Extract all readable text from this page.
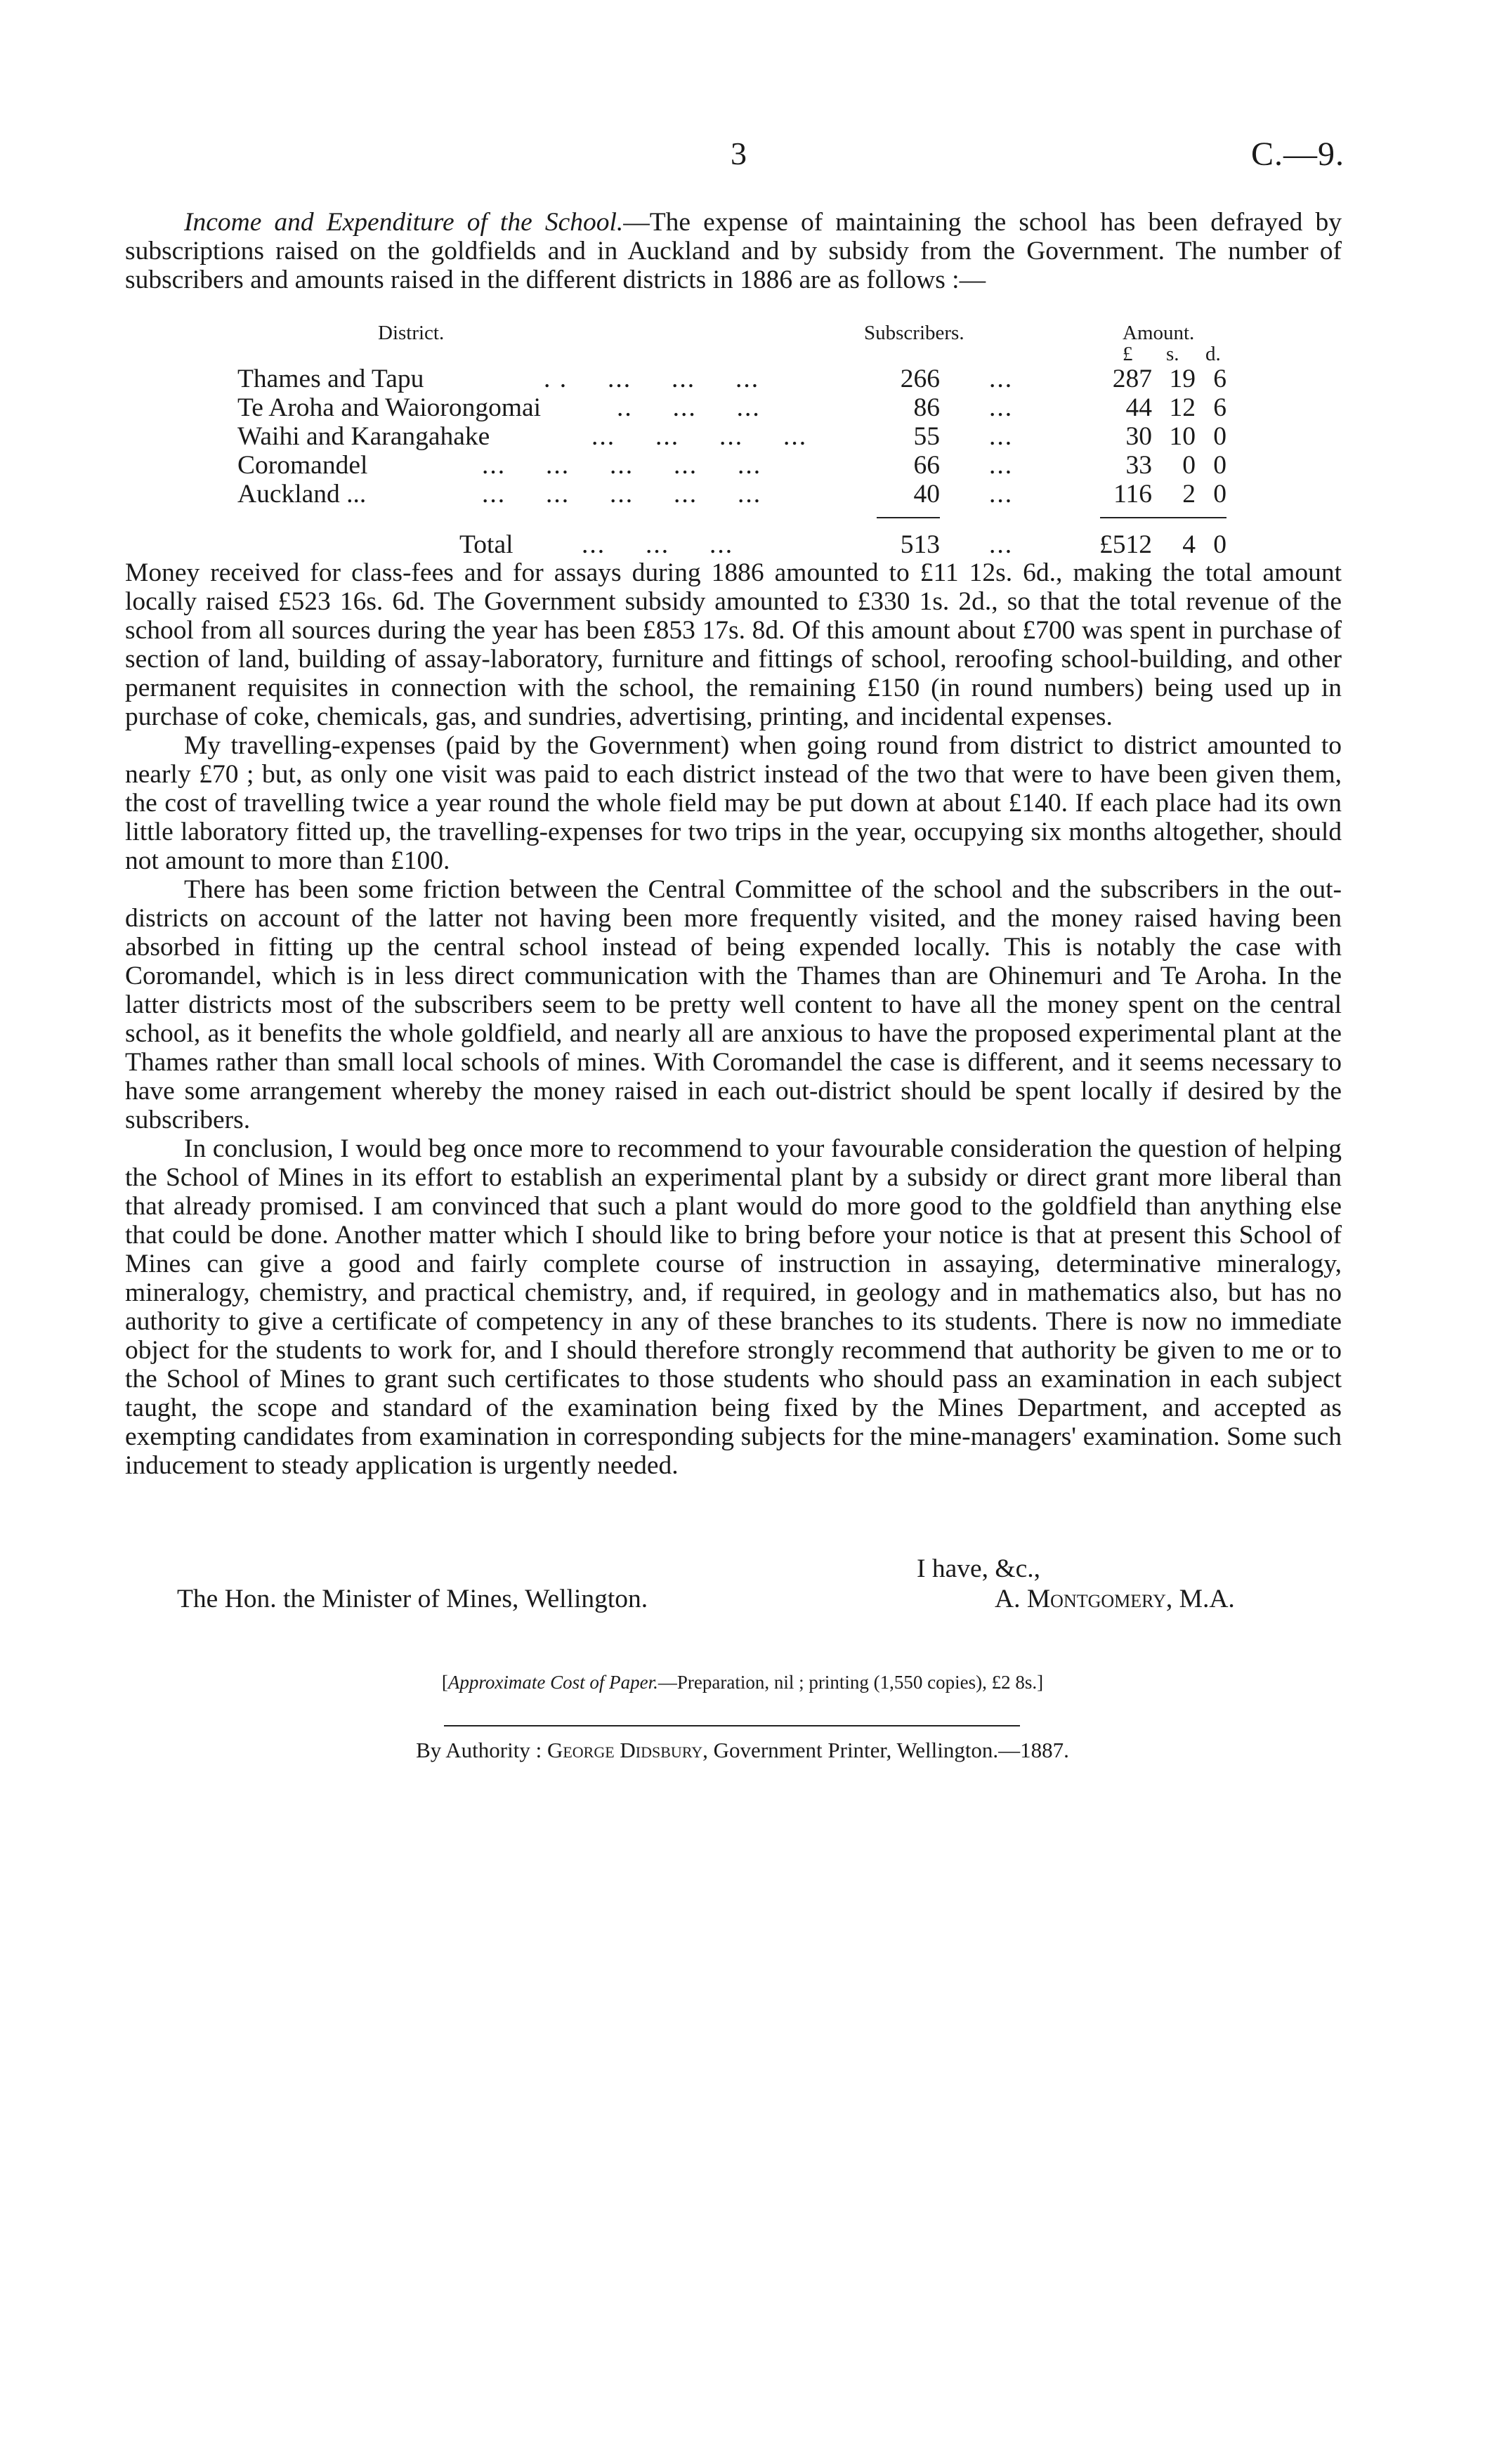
3	C.—9.

Income and Expenditure of the School.—The expense of maintaining the school has been defrayed by subscriptions raised on the goldfields and in Auckland and by subsidy from the Government. The number of subscribers and amounts raised in the different districts in 1886 are as follows :—

District.	Subscribers.	Amount.
£ s. d.
Thames and Tapu	. .     ...     ...     ...	266 ...	287 19 6
Te Aroha and Waiorongomai	..     ...     ...	86 ...	44 12 6
Waihi and Karangahake	...     ...     ...     ...	55 ...	30 10 0
Coromandel	...     ...     ...     ...     ...	66 ...	33	0 0
Auckland ...	...     ...     ...     ...     ...	40 ...	116	2 0
Total	...     ...     ...	513 ...	£512	4 0

Money received for class-fees and for assays during 1886 amounted to £11 12s. 6d., making the total amount locally raised £523 16s. 6d. The Government subsidy amounted to £330 1s. 2d., so that the total revenue of the school from all sources during the year has been £853 17s. 8d. Of this amount about £700 was spent in purchase of section of land, building of assay-laboratory, furniture and fittings of school, reroofing school-building, and other permanent requisites in connection with the school, the remaining £150 (in round numbers) being used up in purchase of coke, chemicals, gas, and sundries, advertising, printing, and incidental expenses.

My travelling-expenses (paid by the Government) when going round from district to district amounted to nearly £70 ; but, as only one visit was paid to each district instead of the two that were to have been given them, the cost of travelling twice a year round the whole field may be put down at about £140. If each place had its own little laboratory fitted up, the travelling-expenses for two trips in the year, occupying six months altogether, should not amount to more than £100.

There has been some friction between the Central Committee of the school and the subscribers in the out-districts on account of the latter not having been more frequently visited, and the money raised having been absorbed in fitting up the central school instead of being expended locally. This is notably the case with Coromandel, which is in less direct communication with the Thames than are Ohinemuri and Te Aroha. In the latter districts most of the subscribers seem to be pretty well content to have all the money spent on the central school, as it benefits the whole goldfield, and nearly all are anxious to have the proposed experimental plant at the Thames rather than small local schools of mines. With Coromandel the case is different, and it seems necessary to have some arrangement whereby the money raised in each out-district should be spent locally if desired by the subscribers.

In conclusion, I would beg once more to recommend to your favourable consideration the question of helping the School of Mines in its effort to establish an experimental plant by a subsidy or direct grant more liberal than that already promised. I am convinced that such a plant would do more good to the goldfield than anything else that could be done. Another matter which I should like to bring before your notice is that at present this School of Mines can give a good and fairly complete course of instruction in assaying, determinative mineralogy, mineralogy, chemistry, and practical chemistry, and, if required, in geology and in mathematics also, but has no authority to give a certificate of competency in any of these branches to its students. There is now no immediate object for the students to work for, and I should therefore strongly recommend that authority be given to me or to the School of Mines to grant such certificates to those students who should pass an examination in each subject taught, the scope and standard of the examination being fixed by the Mines Department, and accepted as exempting candidates from examination in corresponding subjects for the mine-managers' examination. Some such inducement to steady application is urgently needed.

I have, &c.,
The Hon. the Minister of Mines, Wellington.	A. Montgomery, M.A.
[Approximate Cost of Paper.—Preparation, nil ; printing (1,550 copies), £2 8s.]
By Authority : George Didsbury, Government Printer, Wellington.—1887.
